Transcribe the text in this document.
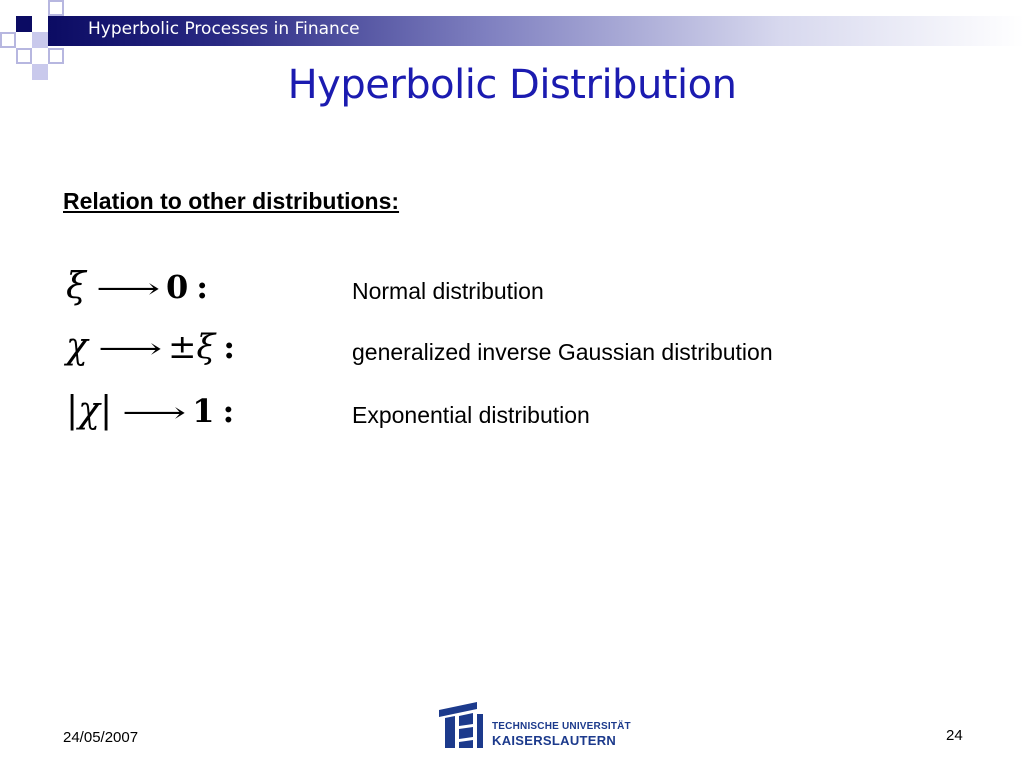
Hyperbolic Processes in Finance
Hyperbolic Distribution
Relation to other distributions:
ξ ⟶ 0 :	Normal distribution
χ ⟶ ±ξ :	generalized inverse Gaussian distribution
|χ| ⟶ 1 :	Exponential distribution
24/05/2007
TECHNISCHE UNIVERSITÄT
KAISERSLAUTERN	24
